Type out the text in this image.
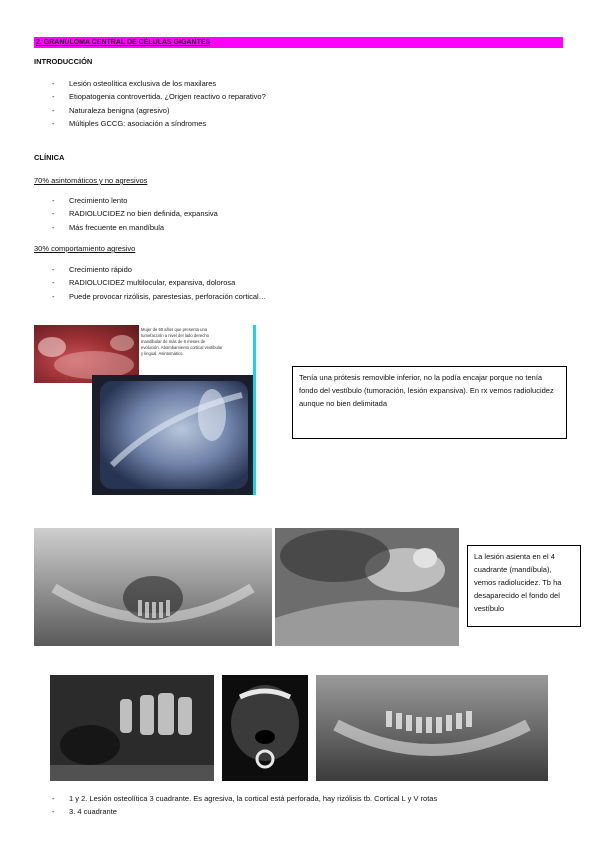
2. GRANULOMA CENTRAL DE CÉLULAS GIGANTES
INTRODUCCIÓN
- Lesión osteolítica exclusiva de los maxilares
- Etiopatogenia controvertida. ¿Origen reactivo o reparativo?
- Naturaleza benigna (agresivo)
- Múltiples GCCG: asociación a síndromes
CLÍNICA
70% asintomáticos y no agresivos
- Crecimiento lento
- RADIOLUCIDEZ no bien definida, expansiva
- Más frecuente en mandíbula
30% comportamiento agresivo
- Crecimiento rápido
- RADIOLUCIDEZ multilocular, expansiva, dolorosa
- Puede provocar rizólisis, parestesias, perforación cortical…
Mujer de 60 años que presenta una
tumefacción a nivel del lado derecho
mandibular de más de 6 meses de
evolución. Abombamiento cortical vestibular
y lingual. Asintomático.
Tenía una prótesis removible inferior, no la podía encajar porque no tenía fondo del vestíbulo (tumoración, lesión expansiva). En rx vemos radiolucidez aunque no bien delimitada
La lesión asienta en el 4 cuadrante (mandíbula), vemos radiolucidez. Tb ha desaparecido el fondo del vestíbulo
- 1 y 2. Lesión osteolítica 3 cuadrante. Es agresiva, la cortical está perforada, hay rizólisis tb. Cortical L y V rotas
- 3. 4 cuadrante
